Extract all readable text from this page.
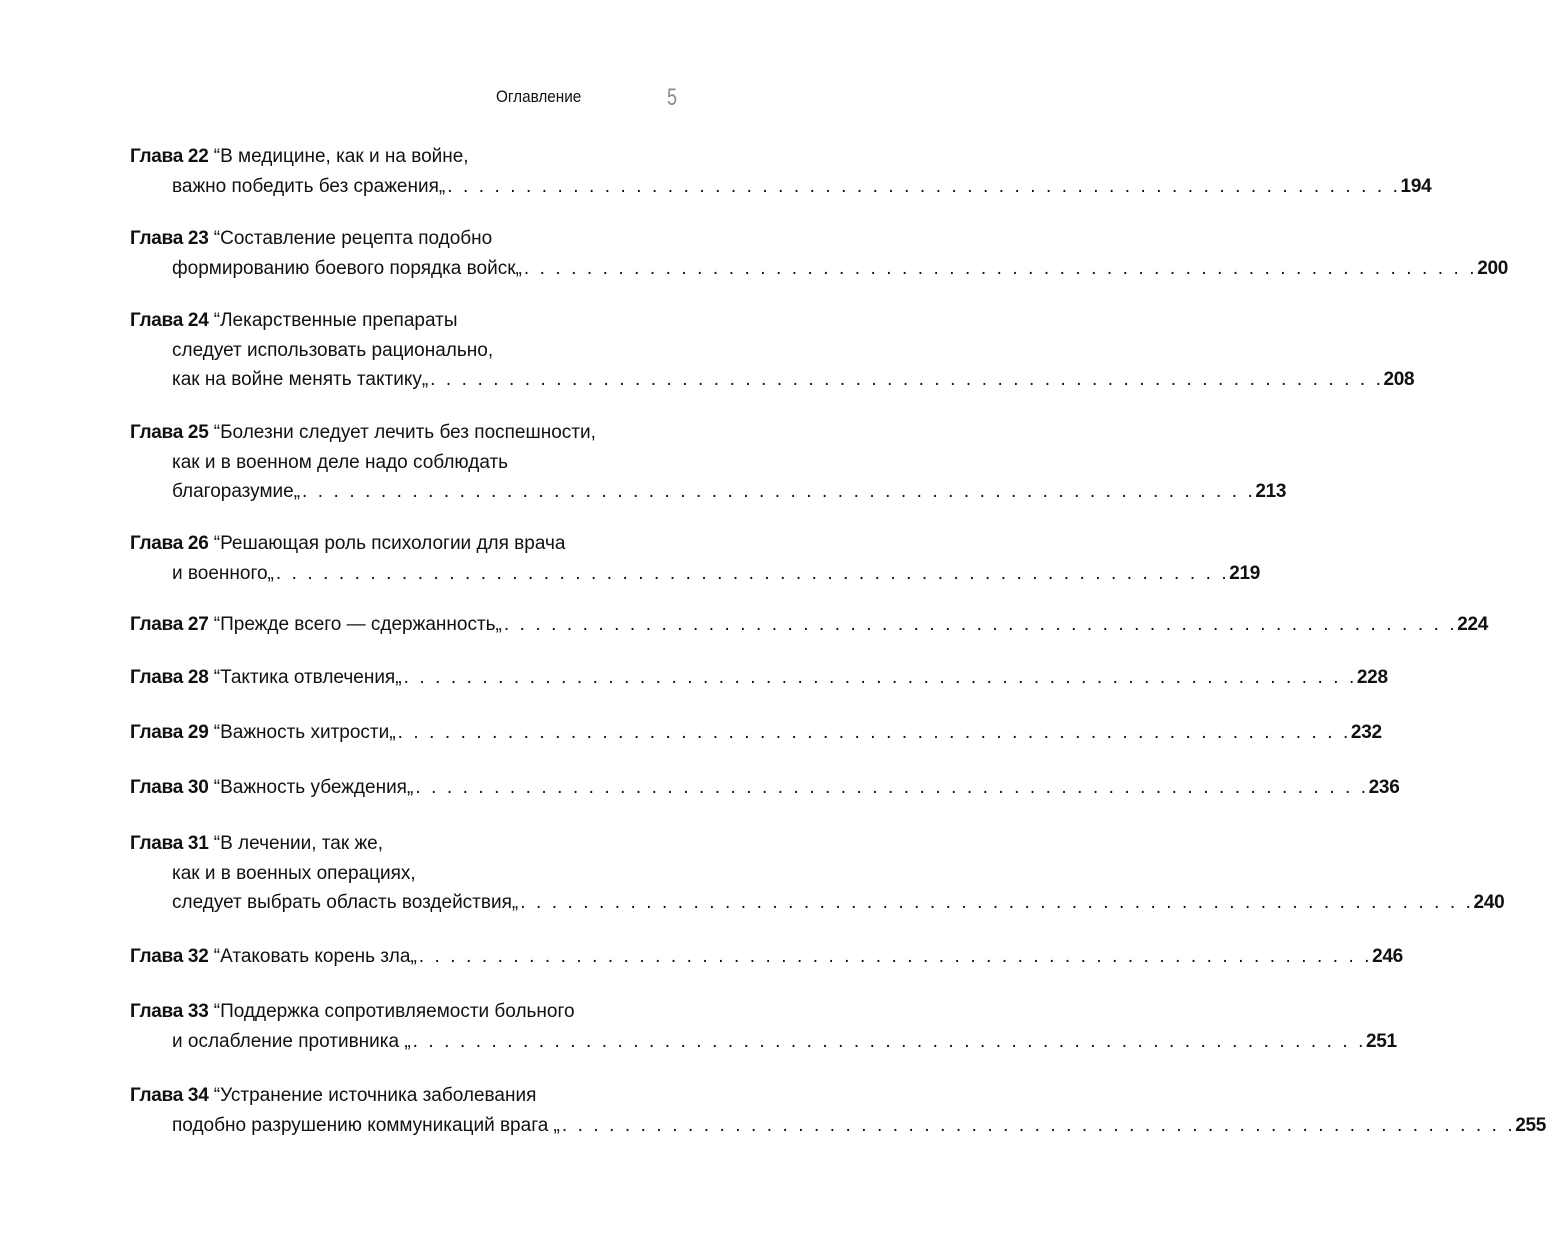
Оглавление	5
Глава 22 “В медицине, как и на войне,
важно победить без сражения„ . . . . . . . . . . . . . . . . . . . . . . . . . . . . . . . . . . . . . . . . . . . . . . . . . . . . . . . . . . . . . 194
Глава 23 “Составление рецепта подобно
формированию боевого порядка войск„ . . . . . . . . . . . . . . . . . . . . . . . . . . . . . . . . . . . . . . . . . . . . . . . . . . . . . . . . . . . . . 200
Глава 24 “Лекарственные препараты
следует использовать рационально,
как на войне менять тактику„ . . . . . . . . . . . . . . . . . . . . . . . . . . . . . . . . . . . . . . . . . . . . . . . . . . . . . . . . . . . . . 208
Глава 25 “Болезни следует лечить без поспешности,
как и в военном деле надо соблюдать
благоразумие„ . . . . . . . . . . . . . . . . . . . . . . . . . . . . . . . . . . . . . . . . . . . . . . . . . . . . . . . . . . . . . 213
Глава 26 “Решающая роль психологии для врача
и военного„ . . . . . . . . . . . . . . . . . . . . . . . . . . . . . . . . . . . . . . . . . . . . . . . . . . . . . . . . . . . . . 219
Глава 27
“Прежде всего — сдержанность„ . . . . . . . . . . . . . . . . . . . . . . . . . . . . . . . . . . . . . . . . . . . . . . . . . . . . . . . . . . . . . 224
Глава 28
“Тактика отвлечения„ . . . . . . . . . . . . . . . . . . . . . . . . . . . . . . . . . . . . . . . . . . . . . . . . . . . . . . . . . . . . . 228
Глава 29
“Важность хитрости„ . . . . . . . . . . . . . . . . . . . . . . . . . . . . . . . . . . . . . . . . . . . . . . . . . . . . . . . . . . . . . 232
Глава 30
“Важность убеждения„ . . . . . . . . . . . . . . . . . . . . . . . . . . . . . . . . . . . . . . . . . . . . . . . . . . . . . . . . . . . . . 236
Глава 31 “В лечении, так же,
как и в военных операциях,
следует выбрать область воздействия„ . . . . . . . . . . . . . . . . . . . . . . . . . . . . . . . . . . . . . . . . . . . . . . . . . . . . . . . . . . . . . 240
Глава 32
“Атаковать корень зла„ . . . . . . . . . . . . . . . . . . . . . . . . . . . . . . . . . . . . . . . . . . . . . . . . . . . . . . . . . . . . . 246
Глава 33 “Поддержка сопротивляемости больного
и ослабление противника „ . . . . . . . . . . . . . . . . . . . . . . . . . . . . . . . . . . . . . . . . . . . . . . . . . . . . . . . . . . . . . 251
Глава 34 “Устранение источника заболевания
подобно разрушению коммуникаций врага „ . . . . . . . . . . . . . . . . . . . . . . . . . . . . . . . . . . . . . . . . . . . . . . . . . . . . . . . . . . . . . 255
